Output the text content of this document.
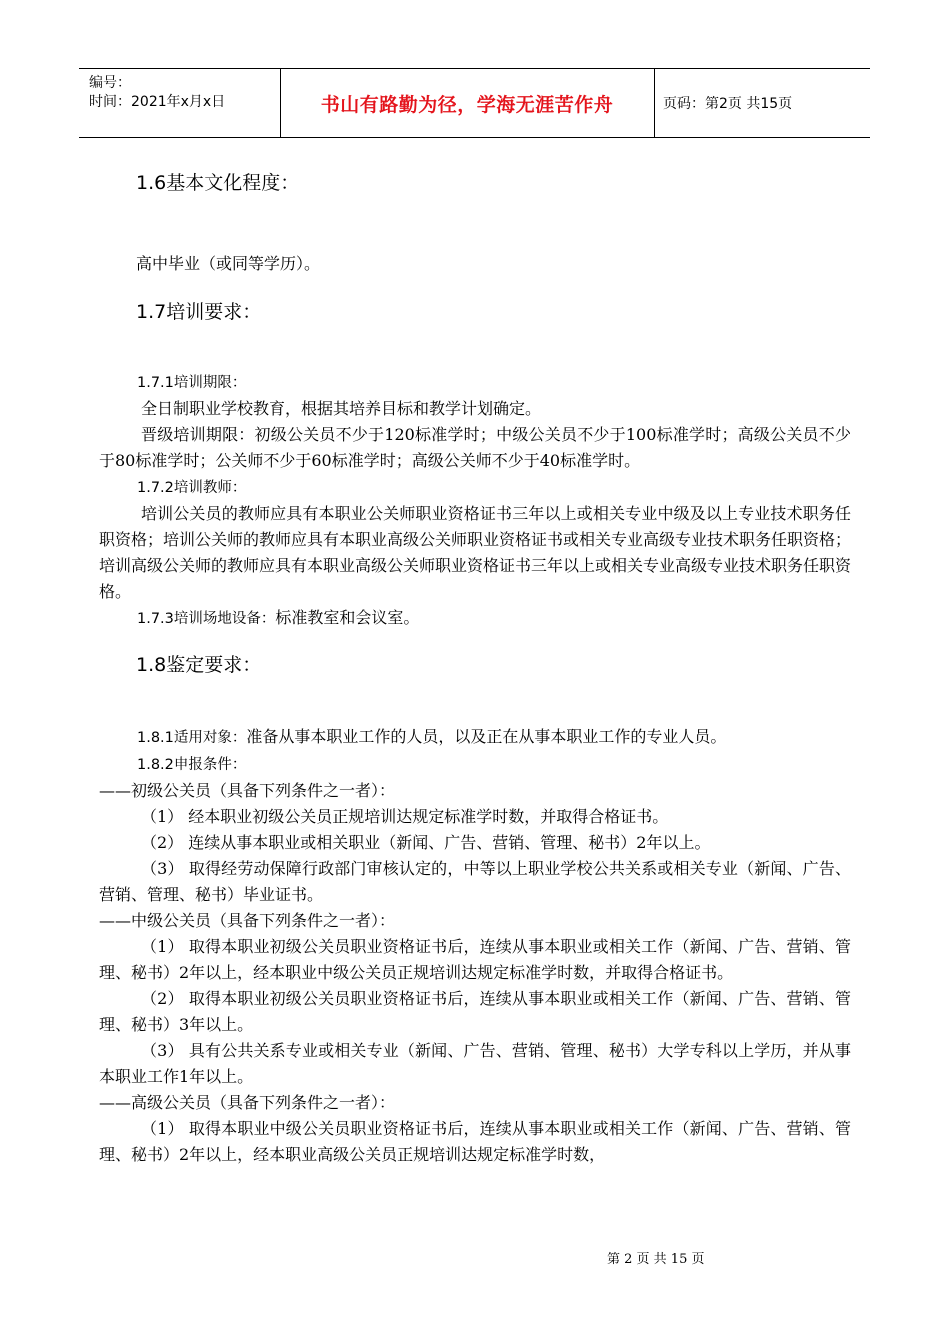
编号：
时间：2021年x月x日	书山有路勤为径，学海无涯苦作舟	页码：第2页 共15页
1.6基本文化程度：

高中毕业（或同等学历）。

1.7培训要求：

1.7.1培训期限：

全日制职业学校教育，根据其培养目标和教学计划确定。

晋级培训期限：初级公关员不少于120标准学时；中级公关员不少于100标准学时；高级公关员不少于80标准学时；公关师不少于60标准学时；高级公关师不少于40标准学时。

1.7.2培训教师：

培训公关员的教师应具有本职业公关师职业资格证书三年以上或相关专业中级及以上专业技术职务任职资格；培训公关师的教师应具有本职业高级公关师职业资格证书或相关专业高级专业技术职务任职资格；培训高级公关师的教师应具有本职业高级公关师职业资格证书三年以上或相关专业高级专业技术职务任职资格。

1.7.3培训场地设备：标准教室和会议室。

1.8鉴定要求：

1.8.1适用对象：准备从事本职业工作的人员，以及正在从事本职业工作的专业人员。

1.8.2申报条件：

——初级公关员（具备下列条件之一者）：

（1） 经本职业初级公关员正规培训达规定标准学时数，并取得合格证书。

（2） 连续从事本职业或相关职业（新闻、广告、营销、管理、秘书）2年以上。

（3） 取得经劳动保障行政部门审核认定的，中等以上职业学校公共关系或相关专业（新闻、广告、营销、管理、秘书）毕业证书。

——中级公关员（具备下列条件之一者）：

（1） 取得本职业初级公关员职业资格证书后，连续从事本职业或相关工作（新闻、广告、营销、管理、秘书）2年以上，经本职业中级公关员正规培训达规定标准学时数，并取得合格证书。

（2） 取得本职业初级公关员职业资格证书后，连续从事本职业或相关工作（新闻、广告、营销、管理、秘书）3年以上。

（3） 具有公共关系专业或相关专业（新闻、广告、营销、管理、秘书）大学专科以上学历，并从事本职业工作1年以上。

——高级公关员（具备下列条件之一者）：

（1） 取得本职业中级公关员职业资格证书后，连续从事本职业或相关工作（新闻、广告、营销、管理、秘书）2年以上，经本职业高级公关员正规培训达规定标准学时数，

第 2 页 共 15 页
